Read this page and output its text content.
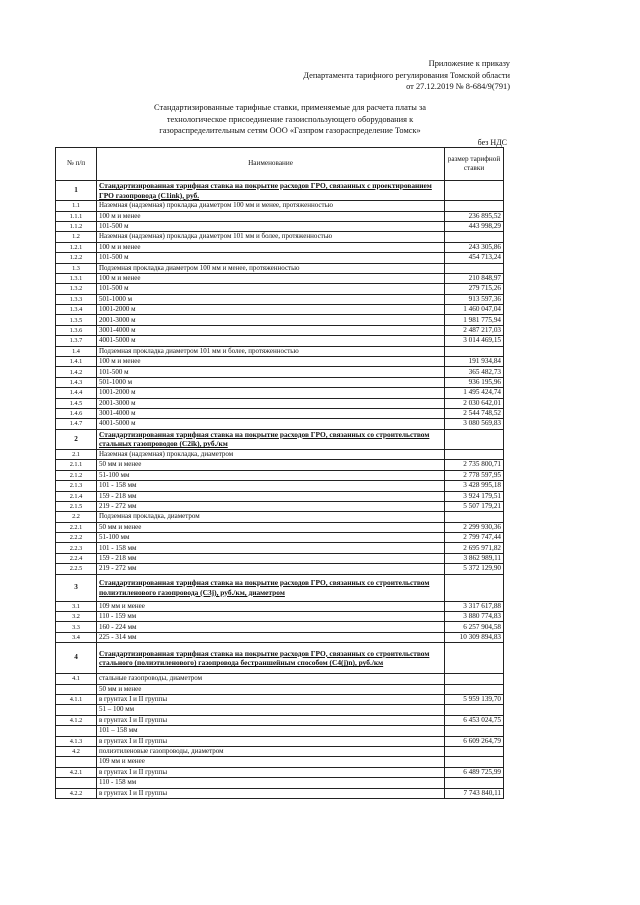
Приложение к приказу
Департамента тарифного регулирования Томской области
от 27.12.2019 № 8-684/9(791)
Стандартизированные тарифные ставки, применяемые для расчета платы за
технологическое присоединение газоиспользующего оборудования к
газораспределительным сетям ООО «Газпром газораспределение Томск»
без НДС
№ п/п	Наименование	размер тарифной ставки
1	Стандартизированная тарифная ставка на покрытие расходов ГРО, связанных с проектированием ГРО газопровода (C1ink), руб.	
1.1	Наземная (надземная) прокладка диаметром 100 мм и менее, протяженностью	
1.1.1	100 м и менее	236 895,52
1.1.2	101-500 м	443 998,29
1.2	Наземная (надземная) прокладка диаметром 101 мм и более, протяженностью	
1.2.1	100 м и менее	243 305,86
1.2.2	101-500 м	454 713,24
1.3	Подземная прокладка диаметром 100 мм и менее, протяженностью	
1.3.1	100 м и менее	210 848,97
1.3.2	101-500 м	279 715,26
1.3.3	501-1000 м	913 597,36
1.3.4	1001-2000 м	1 460 047,04
1.3.5	2001-3000 м	1 981 775,94
1.3.6	3001-4000 м	2 487 217,03
1.3.7	4001-5000 м	3 014 469,15
1.4	Подземная прокладка диаметром 101 мм и более, протяженностью	
1.4.1	100 м и менее	191 934,84
1.4.2	101-500 м	365 482,73
1.4.3	501-1000 м	936 195,96
1.4.4	1001-2000 м	1 495 424,74
1.4.5	2001-3000 м	2 030 642,01
1.4.6	3001-4000 м	2 544 748,52
1.4.7	4001-5000 м	3 080 569,83
2	Стандартизированная тарифная ставка на покрытие расходов ГРО, связанных со строительством стальных газопроводов (C2ik), руб./км	
2.1	Наземная (надземная) прокладка, диаметром	
2.1.1	50 мм и менее	2 735 800,71
2.1.2	51-100 мм	2 778 597,95
2.1.3	101 - 158 мм	3 428 995,18
2.1.4	159 - 218 мм	3 924 179,51
2.1.5	219 - 272 мм	5 507 179,21
2.2	Подземная прокладка, диаметром	
2.2.1	50 мм и менее	2 299 930,36
2.2.2	51-100 мм	2 799 747,44
2.2.3	101 - 158 мм	2 695 971,82
2.2.4	159 - 218 мм	3 862 989,11
2.2.5	219 - 272 мм	5 372 129,90
3	Стандартизированная тарифная ставка на покрытие расходов ГРО, связанных со строительством полиэтиленового газопровода (C3j), руб./км, диаметром	
3.1	109 мм и менее	3 317 617,88
3.2	110 - 159 мм	3 880 774,83
3.3	160 - 224 мм	6 257 904,58
3.4	225 - 314 мм	10 309 894,83
4	Стандартизированная тарифная ставка на покрытие расходов ГРО, связанных со строительством стального (полиэтиленового) газопровода бестраншейным способом (C4(j)n), руб./км	
4.1	стальные газопроводы, диаметром	
	50 мм и менее	
4.1.1	в грунтах I и II группы	5 959 139,70
	51 – 100 мм	
4.1.2	в грунтах I и II группы	6 453 024,75
	101 – 158 мм	
4.1.3	в грунтах I и II группы	6 609 264,79
4.2	полиэтиленовые газопроводы, диаметром	
	109 мм и менее	
4.2.1	в грунтах I и II группы	6 489 725,99
	110 - 158 мм	
4.2.2	в грунтах I и II группы	7 743 840,11
